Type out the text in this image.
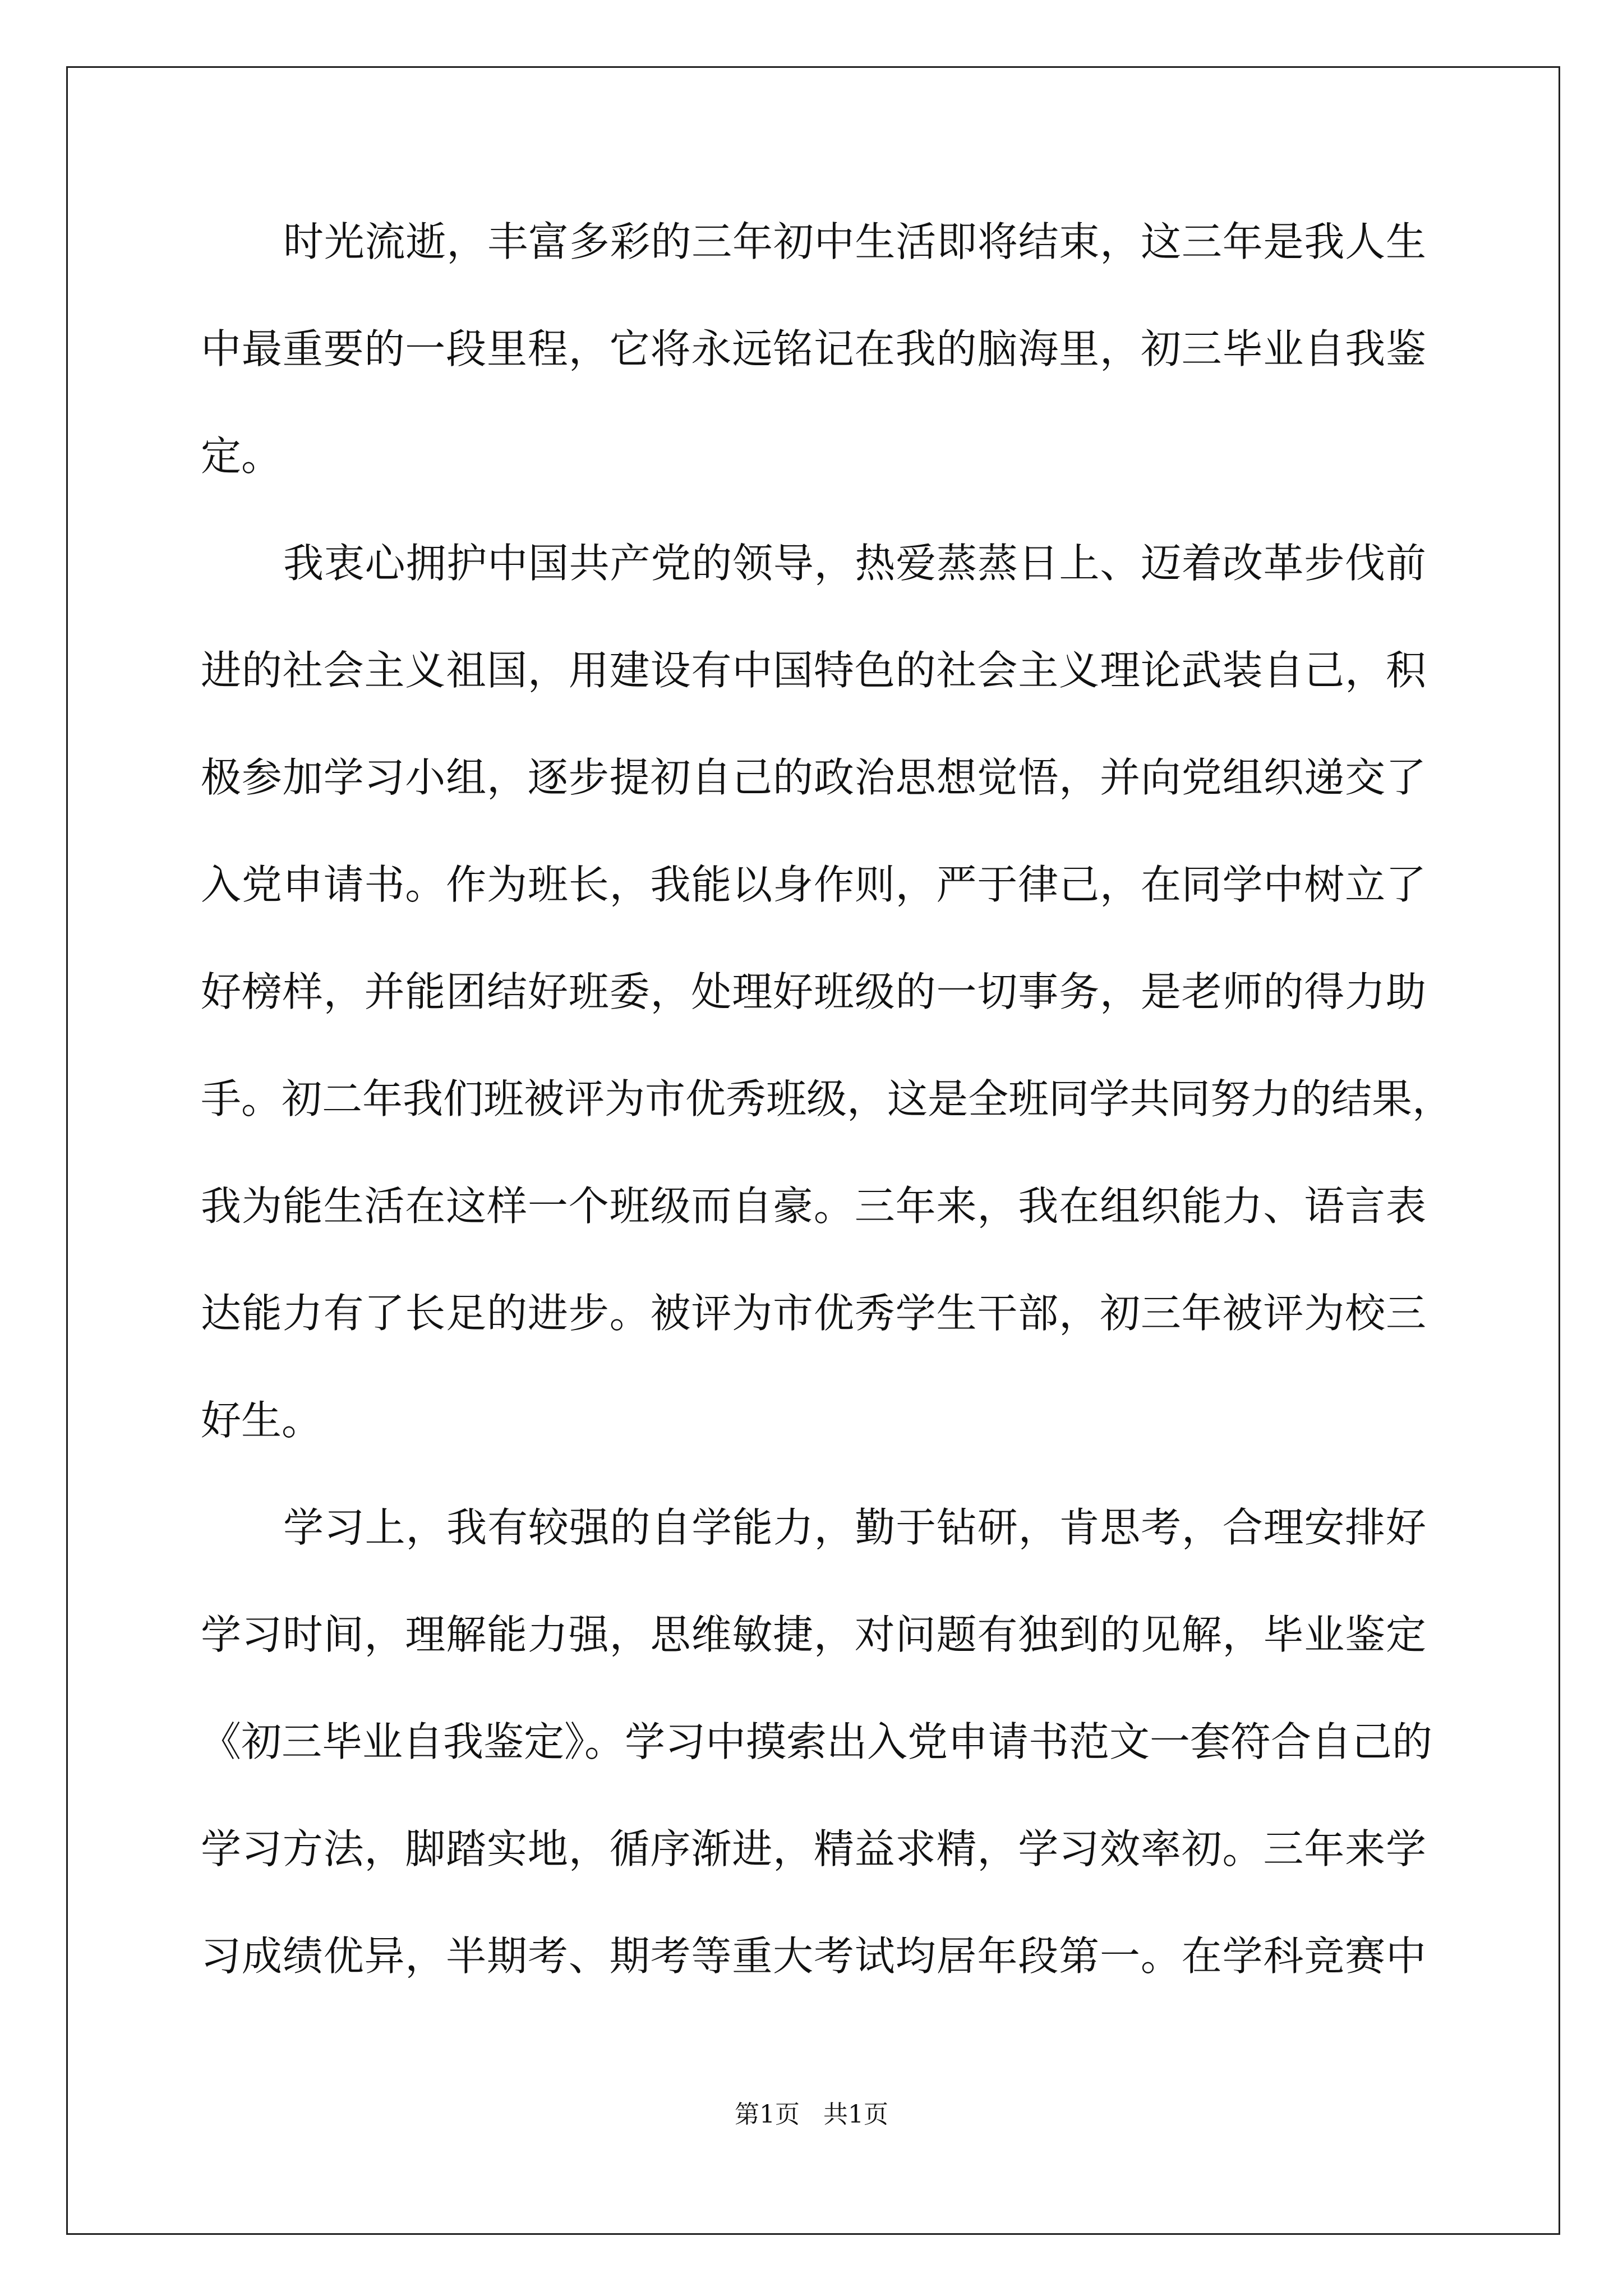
时光流逝，丰富多彩的三年初中生活即将结束，这三年是我人生
中最重要的一段里程，它将永远铭记在我的脑海里，初三毕业自我鉴
定。
我衷心拥护中国共产党的领导，热爱蒸蒸日上、迈着改革步伐前
进的社会主义祖国，用建设有中国特色的社会主义理论武装自己，积
极参加学习小组，逐步提初自己的政治思想觉悟，并向党组织递交了
入党申请书。作为班长，我能以身作则，严于律己，在同学中树立了
好榜样，并能团结好班委，处理好班级的一切事务，是老师的得力助
手。初二年我们班被评为市优秀班级，这是全班同学共同努力的结果，
我为能生活在这样一个班级而自豪。三年来，我在组织能力、语言表
达能力有了长足的进步。被评为市优秀学生干部，初三年被评为校三
好生。
学习上，我有较强的自学能力，勤于钻研，肯思考，合理安排好
学习时间，理解能力强，思维敏捷，对问题有独到的见解，毕业鉴定
《初三毕业自我鉴定》。学习中摸索出入党申请书范文一套符合自己的
学习方法，脚踏实地，循序渐进，精益求精，学习效率初。三年来学
习成绩优异，半期考、期考等重大考试均居年段第一。在学科竞赛中
第1页   共1页
